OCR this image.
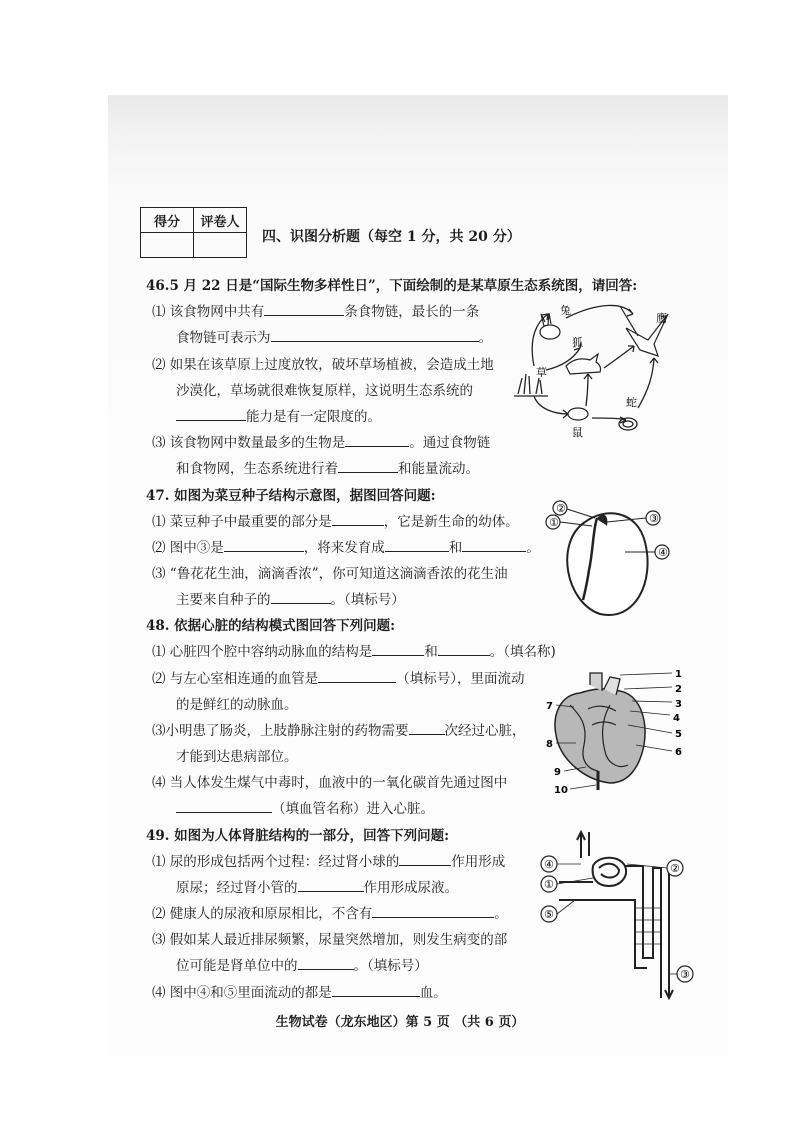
得分	评卷人

四、识图分析题（每空 1 分，共 20 分）
46.5 月 22 日是“国际生物多样性日”，下面绘制的是某草原生态系统图，请回答:
⑴ 该食物网中共有	条食物链，最长的一条
食物链可表示为	。
⑵ 如果在该草原上过度放牧，破坏草场植被，会造成土地
沙漠化，草场就很难恢复原样，这说明生态系统的
能力是有一定限度的。
⑶ 该食物网中数量最多的生物是	。通过食物链
和食物网，生态系统进行着	和能量流动。
兔
鹰
狐
草
蛇
鼠
47. 如图为菜豆种子结构示意图，据图回答问题:
⑴ 菜豆种子中最重要的部分是	，它是新生命的幼体。
⑵ 图中③是	，将来发育成	和	。
⑶ “鲁花花生油，滴滴香浓”，你可知道这滴滴香浓的花生油
主要来自种子的	。（填标号）
②
①	③
④
48. 依据心脏的结构模式图回答下列问题:
⑴ 心脏四个腔中容纳动脉血的结构是	和	。（填名称)
⑵ 与左心室相连通的血管是	（填标号），里面流动
的是鲜红的动脉血。
⑶小明患了肠炎，上肢静脉注射的药物需要	次经过心脏，
才能到达患病部位。
⑷ 当人体发生煤气中毒时，血液中的一氧化碳首先通过图中
（填血管名称）进入心脏。
1
2
3
4
5
6
7
8
9
10
49. 如图为人体肾脏结构的一部分，回答下列问题:
⑴ 尿的形成包括两个过程：经过肾小球的	作用形成
原尿；经过肾小管的	作用形成尿液。
⑵ 健康人的尿液和原尿相比，不含有	。
⑶ 假如某人最近排尿频繁，尿量突然增加，则发生病变的部
位可能是肾单位中的	。（填标号）
⑷ 图中④和⑤里面流动的都是	血。
④
①
⑤
②
③
生物试卷（龙东地区）第 5 页 （共 6 页）
